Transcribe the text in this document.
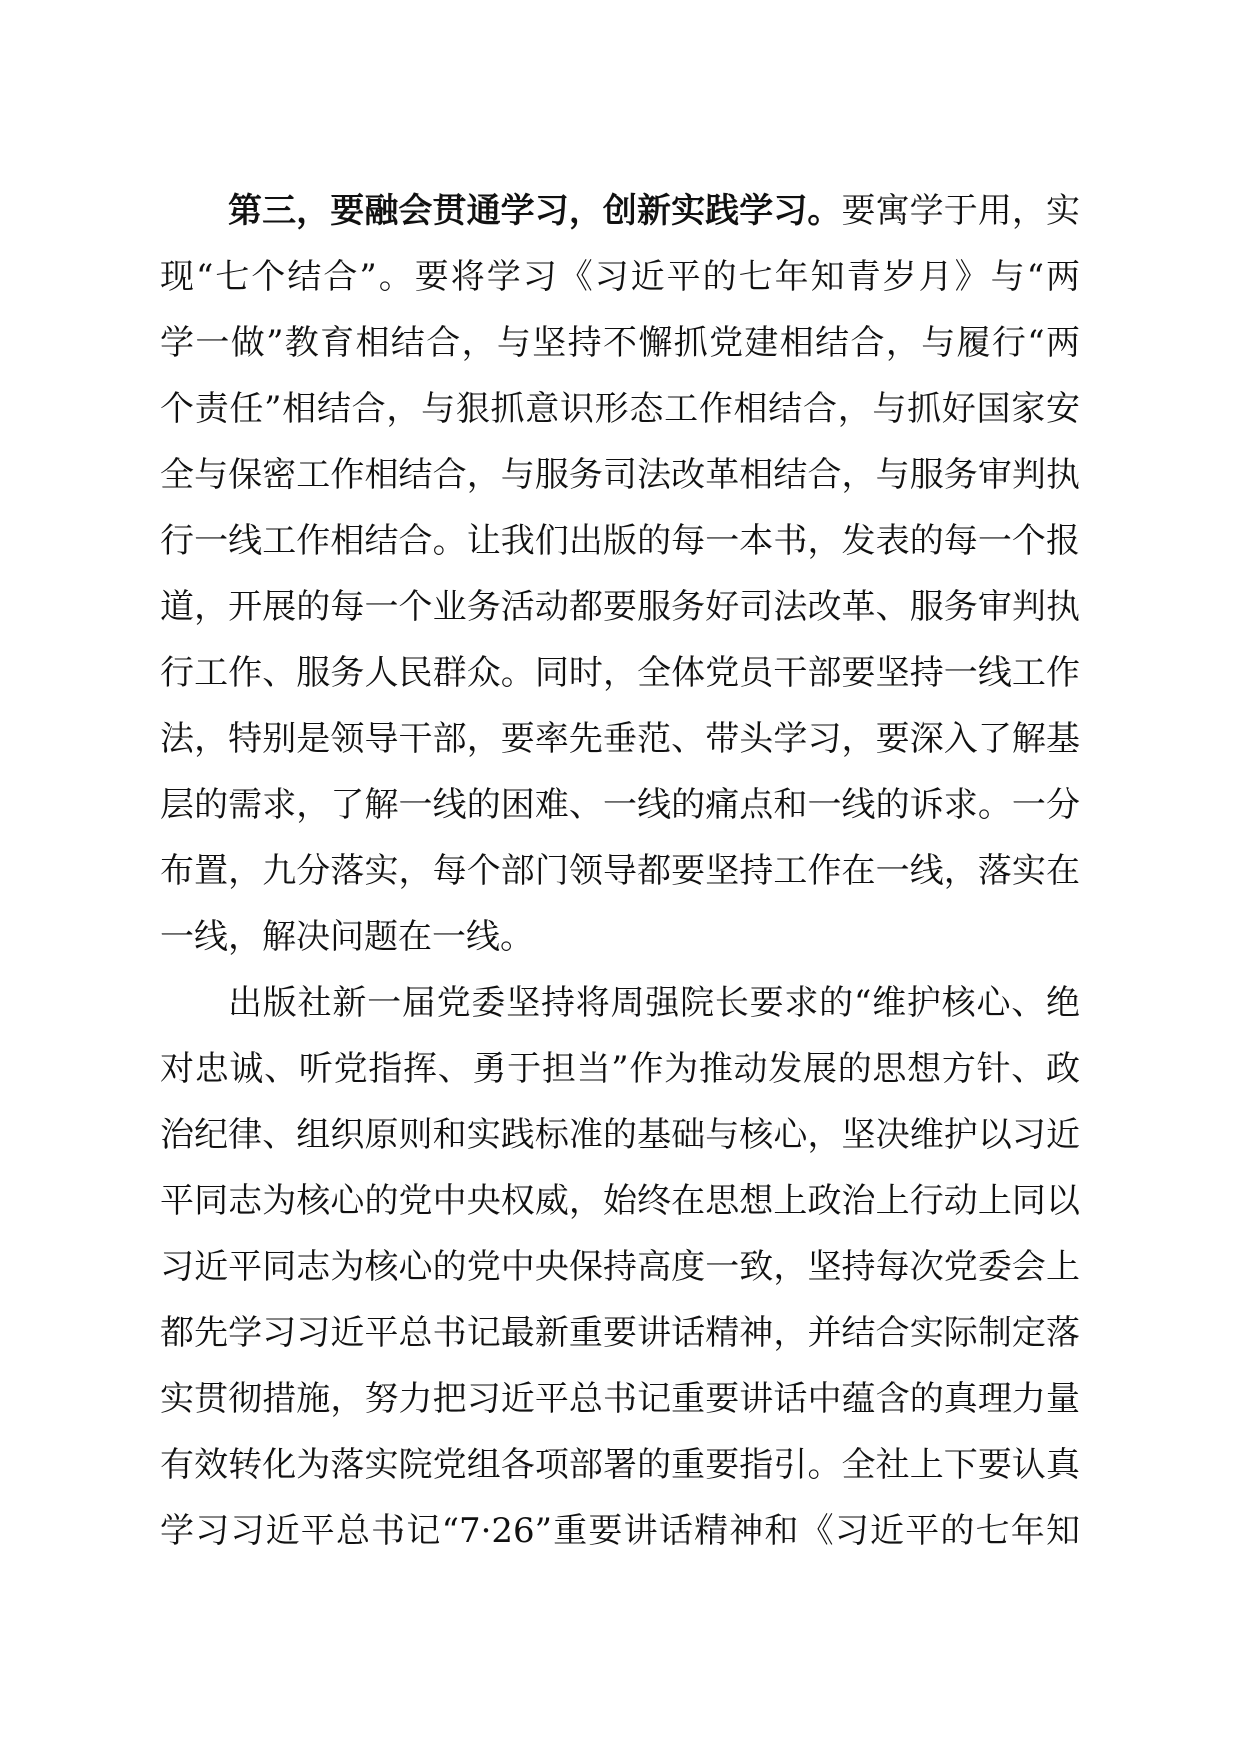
第三，要融会贯通学习，创新实践学习。要寓学于用，实
现“七个结合”。要将学习《习近平的七年知青岁月》与“两
学一做”教育相结合，与坚持不懈抓党建相结合，与履行“两
个责任”相结合，与狠抓意识形态工作相结合，与抓好国家安
全与保密工作相结合，与服务司法改革相结合，与服务审判执
行一线工作相结合。让我们出版的每一本书，发表的每一个报
道，开展的每一个业务活动都要服务好司法改革、服务审判执
行工作、服务人民群众。同时，全体党员干部要坚持一线工作
法，特别是领导干部，要率先垂范、带头学习，要深入了解基
层的需求，了解一线的困难、一线的痛点和一线的诉求。一分
布置，九分落实，每个部门领导都要坚持工作在一线，落实在
一线，解决问题在一线。
出版社新一届党委坚持将周强院长要求的“维护核心、绝
对忠诚、听党指挥、勇于担当”作为推动发展的思想方针、政
治纪律、组织原则和实践标准的基础与核心，坚决维护以习近
平同志为核心的党中央权威，始终在思想上政治上行动上同以
习近平同志为核心的党中央保持高度一致，坚持每次党委会上
都先学习习近平总书记最新重要讲话精神，并结合实际制定落
实贯彻措施，努力把习近平总书记重要讲话中蕴含的真理力量
有效转化为落实院党组各项部署的重要指引。全社上下要认真
学习习近平总书记“7·26”重要讲话精神和《习近平的七年知
